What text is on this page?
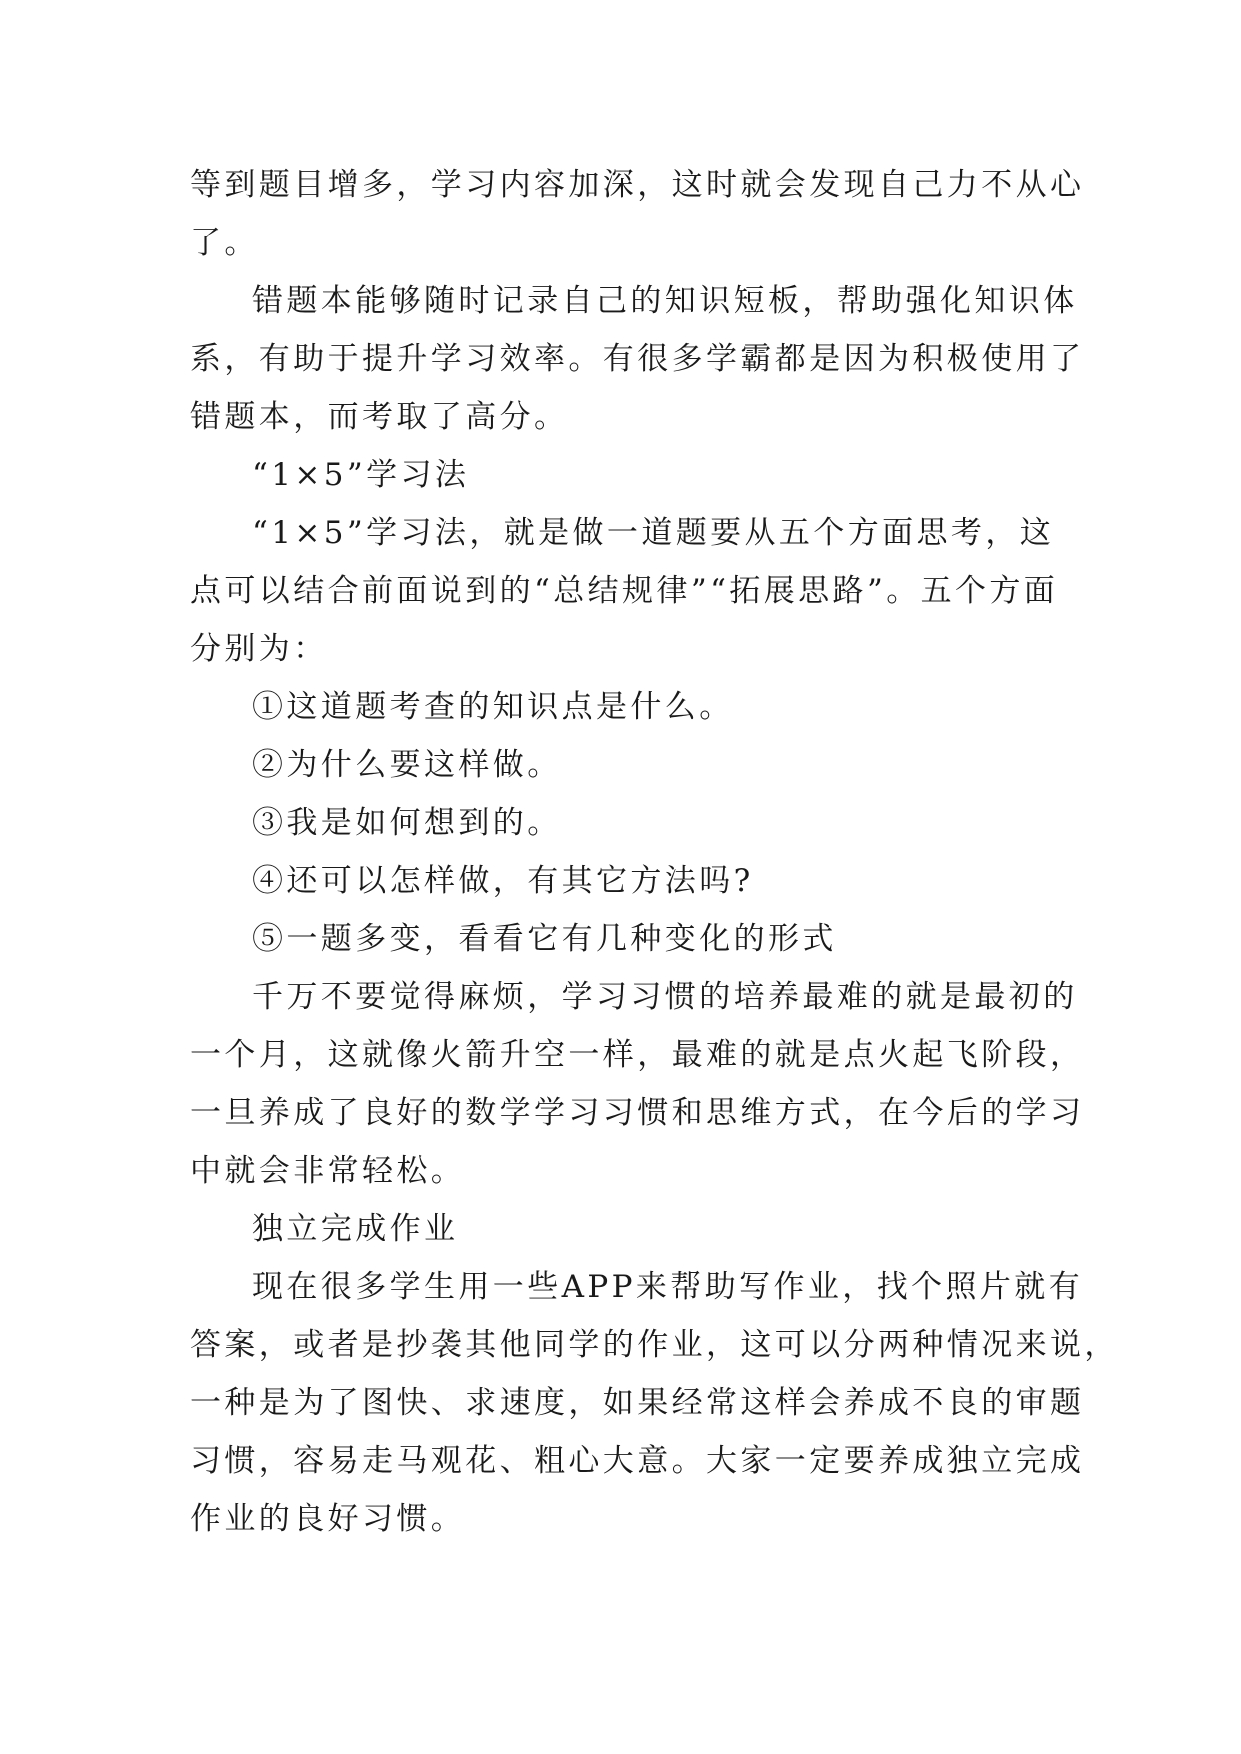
等到题目增多，学习内容加深，这时就会发现自己力不从心
了。
错题本能够随时记录自己的知识短板，帮助强化知识体
系，有助于提升学习效率。有很多学霸都是因为积极使用了
错题本，而考取了高分。
“1×5”学习法
“1×5”学习法，就是做一道题要从五个方面思考，这
点可以结合前面说到的“总结规律”“拓展思路”。五个方面
分别为：
①这道题考查的知识点是什么。
②为什么要这样做。
③我是如何想到的。
④还可以怎样做，有其它方法吗?
⑤一题多变，看看它有几种变化的形式
千万不要觉得麻烦，学习习惯的培养最难的就是最初的
一个月，这就像火箭升空一样，最难的就是点火起飞阶段，
一旦养成了良好的数学学习习惯和思维方式，在今后的学习
中就会非常轻松。
独立完成作业
现在很多学生用一些APP来帮助写作业，找个照片就有
答案，或者是抄袭其他同学的作业，这可以分两种情况来说，
一种是为了图快、求速度，如果经常这样会养成不良的审题
习惯，容易走马观花、粗心大意。大家一定要养成独立完成
作业的良好习惯。
